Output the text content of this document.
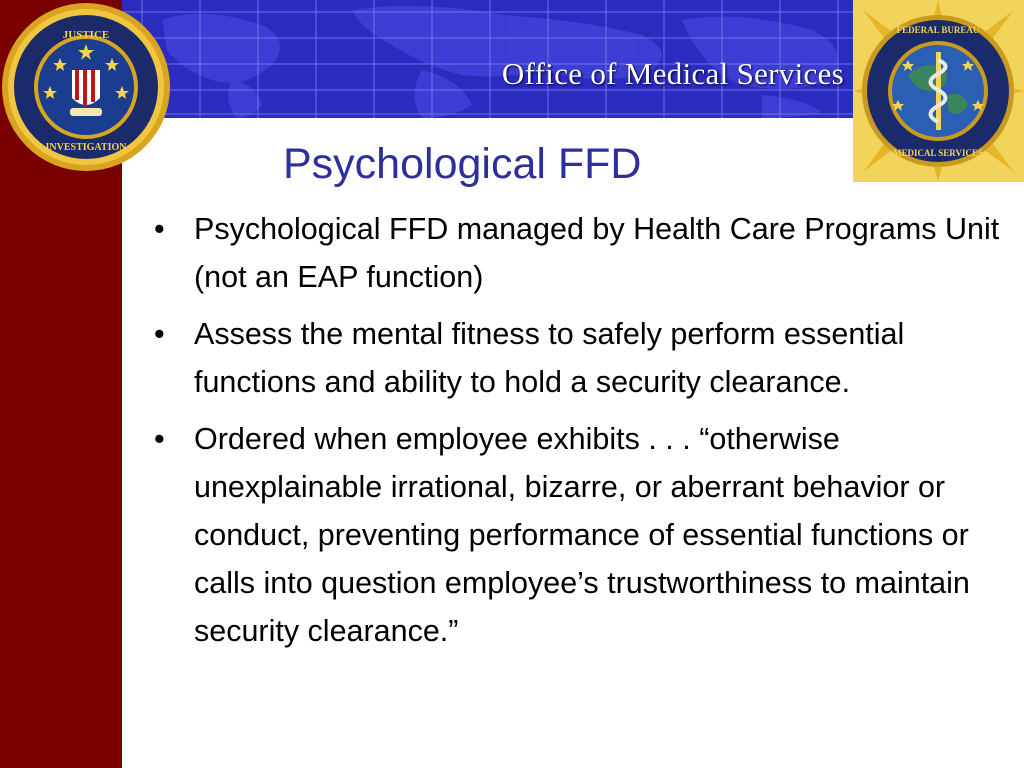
Office of Medical Services
JUSTICE
INVESTIGATION
FEDERAL BUREAU
MEDICAL SERVICES
Psychological FFD
• Psychological FFD managed by Health Care Programs Unit (not an EAP function)
• Assess the mental fitness to safely perform essential functions and ability to hold a security clearance.
• Ordered when employee exhibits . . . “otherwise unexplainable irrational, bizarre, or aberrant behavior or conduct, preventing performance of essential functions or calls into question employee’s trustworthiness to maintain security clearance.”
